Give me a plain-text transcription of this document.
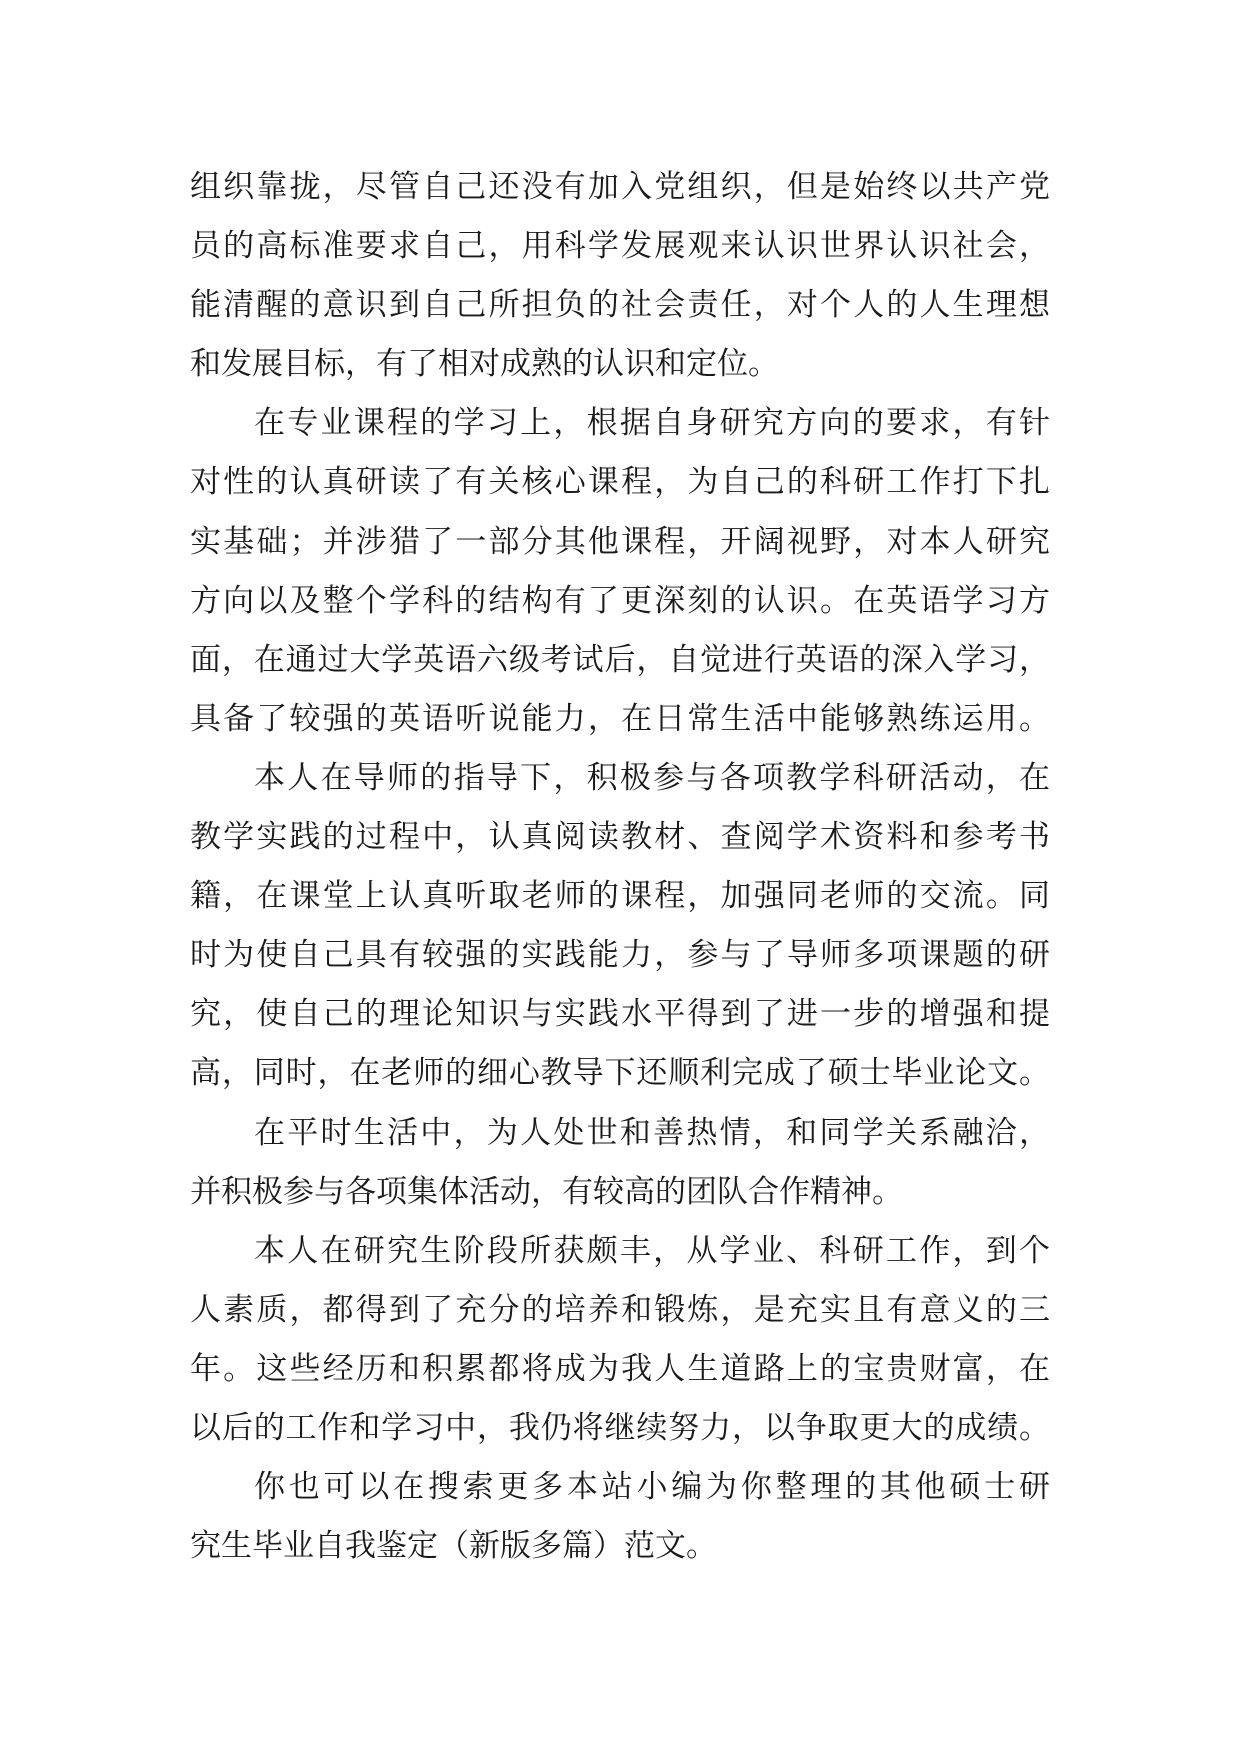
组织靠拢，尽管自己还没有加入党组织，但是始终以共产党
员的高标准要求自己，用科学发展观来认识世界认识社会，
能清醒的意识到自己所担负的社会责任，对个人的人生理想
和发展目标，有了相对成熟的认识和定位。
在专业课程的学习上，根据自身研究方向的要求，有针
对性的认真研读了有关核心课程，为自己的科研工作打下扎
实基础；并涉猎了一部分其他课程，开阔视野，对本人研究
方向以及整个学科的结构有了更深刻的认识。在英语学习方
面，在通过大学英语六级考试后，自觉进行英语的深入学习，
具备了较强的英语听说能力，在日常生活中能够熟练运用。
本人在导师的指导下，积极参与各项教学科研活动，在
教学实践的过程中，认真阅读教材、查阅学术资料和参考书
籍，在课堂上认真听取老师的课程，加强同老师的交流。同
时为使自己具有较强的实践能力，参与了导师多项课题的研
究，使自己的理论知识与实践水平得到了进一步的增强和提
高，同时，在老师的细心教导下还顺利完成了硕士毕业论文。
在平时生活中，为人处世和善热情，和同学关系融洽，
并积极参与各项集体活动，有较高的团队合作精神。
本人在研究生阶段所获颇丰，从学业、科研工作，到个
人素质，都得到了充分的培养和锻炼，是充实且有意义的三
年。这些经历和积累都将成为我人生道路上的宝贵财富，在
以后的工作和学习中，我仍将继续努力，以争取更大的成绩。
你也可以在搜索更多本站小编为你整理的其他硕士研
究生毕业自我鉴定（新版多篇）范文。
